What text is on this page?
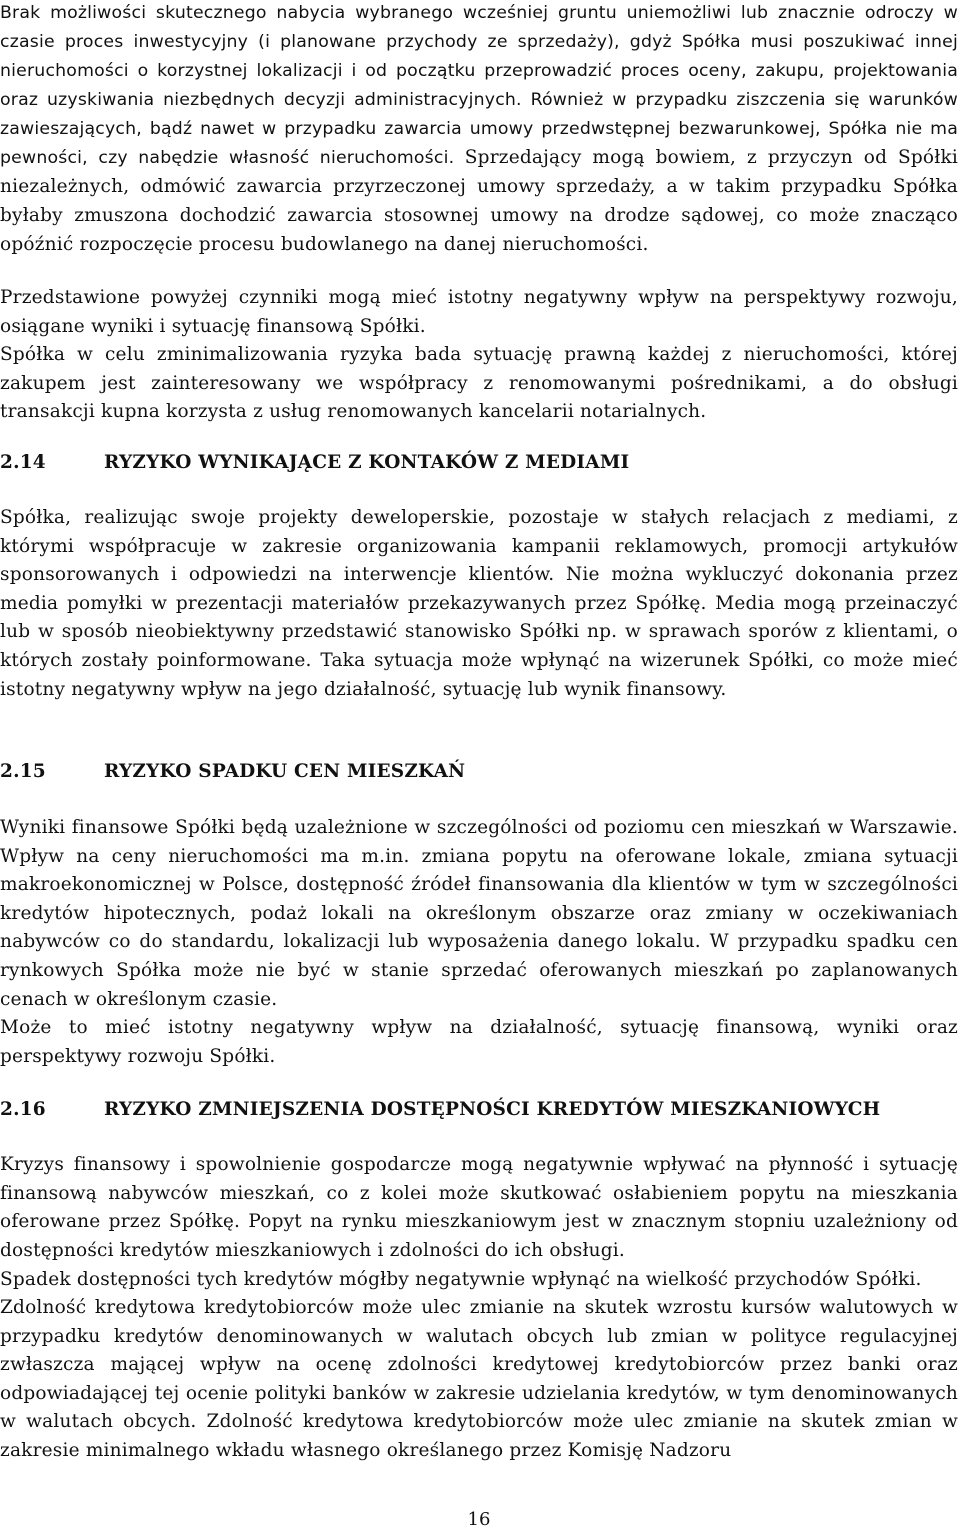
Brak możliwości skutecznego nabycia wybranego wcześniej gruntu uniemożliwi lub znacznie odroczy w czasie proces inwestycyjny (i planowane przychody ze sprzedaży), gdyż Spółka musi poszukiwać innej nieruchomości o korzystnej lokalizacji i od początku przeprowadzić proces oceny, zakupu, projektowania oraz uzyskiwania niezbędnych decyzji administracyjnych. Również w przypadku ziszczenia się warunków zawieszających, bądź nawet w przypadku zawarcia umowy przedwstępnej bezwarunkowej, Spółka nie ma pewności, czy nabędzie własność nieruchomości. Sprzedający mogą bowiem, z przyczyn od Spółki niezależnych, odmówić zawarcia przyrzeczonej umowy sprzedaży, a w takim przypadku Spółka byłaby zmuszona dochodzić zawarcia stosownej umowy na drodze sądowej, co może znacząco opóźnić rozpoczęcie procesu budowlanego na danej nieruchomości.

Przedstawione powyżej czynniki mogą mieć istotny negatywny wpływ na perspektywy rozwoju, osiągane wyniki i sytuację finansową Spółki.

Spółka w celu zminimalizowania ryzyka bada sytuację prawną każdej z nieruchomości, której zakupem jest zainteresowany we współpracy z renomowanymi pośrednikami, a do obsługi transakcji kupna korzysta z usług renomowanych kancelarii notarialnych.

2.14	RYZYKO WYNIKAJĄCE Z KONTAKÓW Z MEDIAMI

Spółka, realizując swoje projekty deweloperskie, pozostaje w stałych relacjach z mediami, z którymi współpracuje w zakresie organizowania kampanii reklamowych, promocji artykułów sponsorowanych i odpowiedzi na interwencje klientów. Nie można wykluczyć dokonania przez media pomyłki w prezentacji materiałów przekazywanych przez Spółkę. Media mogą przeinaczyć lub w sposób nieobiektywny przedstawić stanowisko Spółki np. w sprawach sporów z klientami, o których zostały poinformowane. Taka sytuacja może wpłynąć na wizerunek Spółki, co może mieć istotny negatywny wpływ na jego działalność, sytuację lub wynik finansowy.

2.15	RYZYKO SPADKU CEN MIESZKAŃ

Wyniki finansowe Spółki będą uzależnione w szczególności od poziomu cen mieszkań w Warszawie. Wpływ na ceny nieruchomości ma m.in. zmiana popytu na oferowane lokale, zmiana sytuacji makroekonomicznej w Polsce, dostępność źródeł finansowania dla klientów w tym w szczególności kredytów hipotecznych, podaż lokali na określonym obszarze oraz zmiany w oczekiwaniach nabywców co do standardu, lokalizacji lub wyposażenia danego lokalu. W przypadku spadku cen rynkowych Spółka może nie być w stanie sprzedać oferowanych mieszkań po zaplanowanych cenach w określonym czasie.

Może to mieć istotny negatywny wpływ na działalność, sytuację finansową, wyniki oraz perspektywy rozwoju Spółki.

2.16	RYZYKO ZMNIEJSZENIA DOSTĘPNOŚCI KREDYTÓW MIESZKANIOWYCH

Kryzys finansowy i spowolnienie gospodarcze mogą negatywnie wpływać na płynność i sytuację finansową nabywców mieszkań, co z kolei może skutkować osłabieniem popytu na mieszkania oferowane przez Spółkę. Popyt na rynku mieszkaniowym jest w znacznym stopniu uzależniony od dostępności kredytów mieszkaniowych i zdolności do ich obsługi.

Spadek dostępności tych kredytów mógłby negatywnie wpłynąć na wielkość przychodów Spółki.

Zdolność kredytowa kredytobiorców może ulec zmianie na skutek wzrostu kursów walutowych w przypadku kredytów denominowanych w walutach obcych lub zmian w polityce regulacyjnej zwłaszcza mającej wpływ na ocenę zdolności kredytowej kredytobiorców przez banki oraz odpowiadającej tej ocenie polityki banków w zakresie udzielania kredytów, w tym denominowanych w walutach obcych. Zdolność kredytowa kredytobiorców może ulec zmianie na skutek zmian w zakresie minimalnego wkładu własnego określanego przez Komisję Nadzoru

16
